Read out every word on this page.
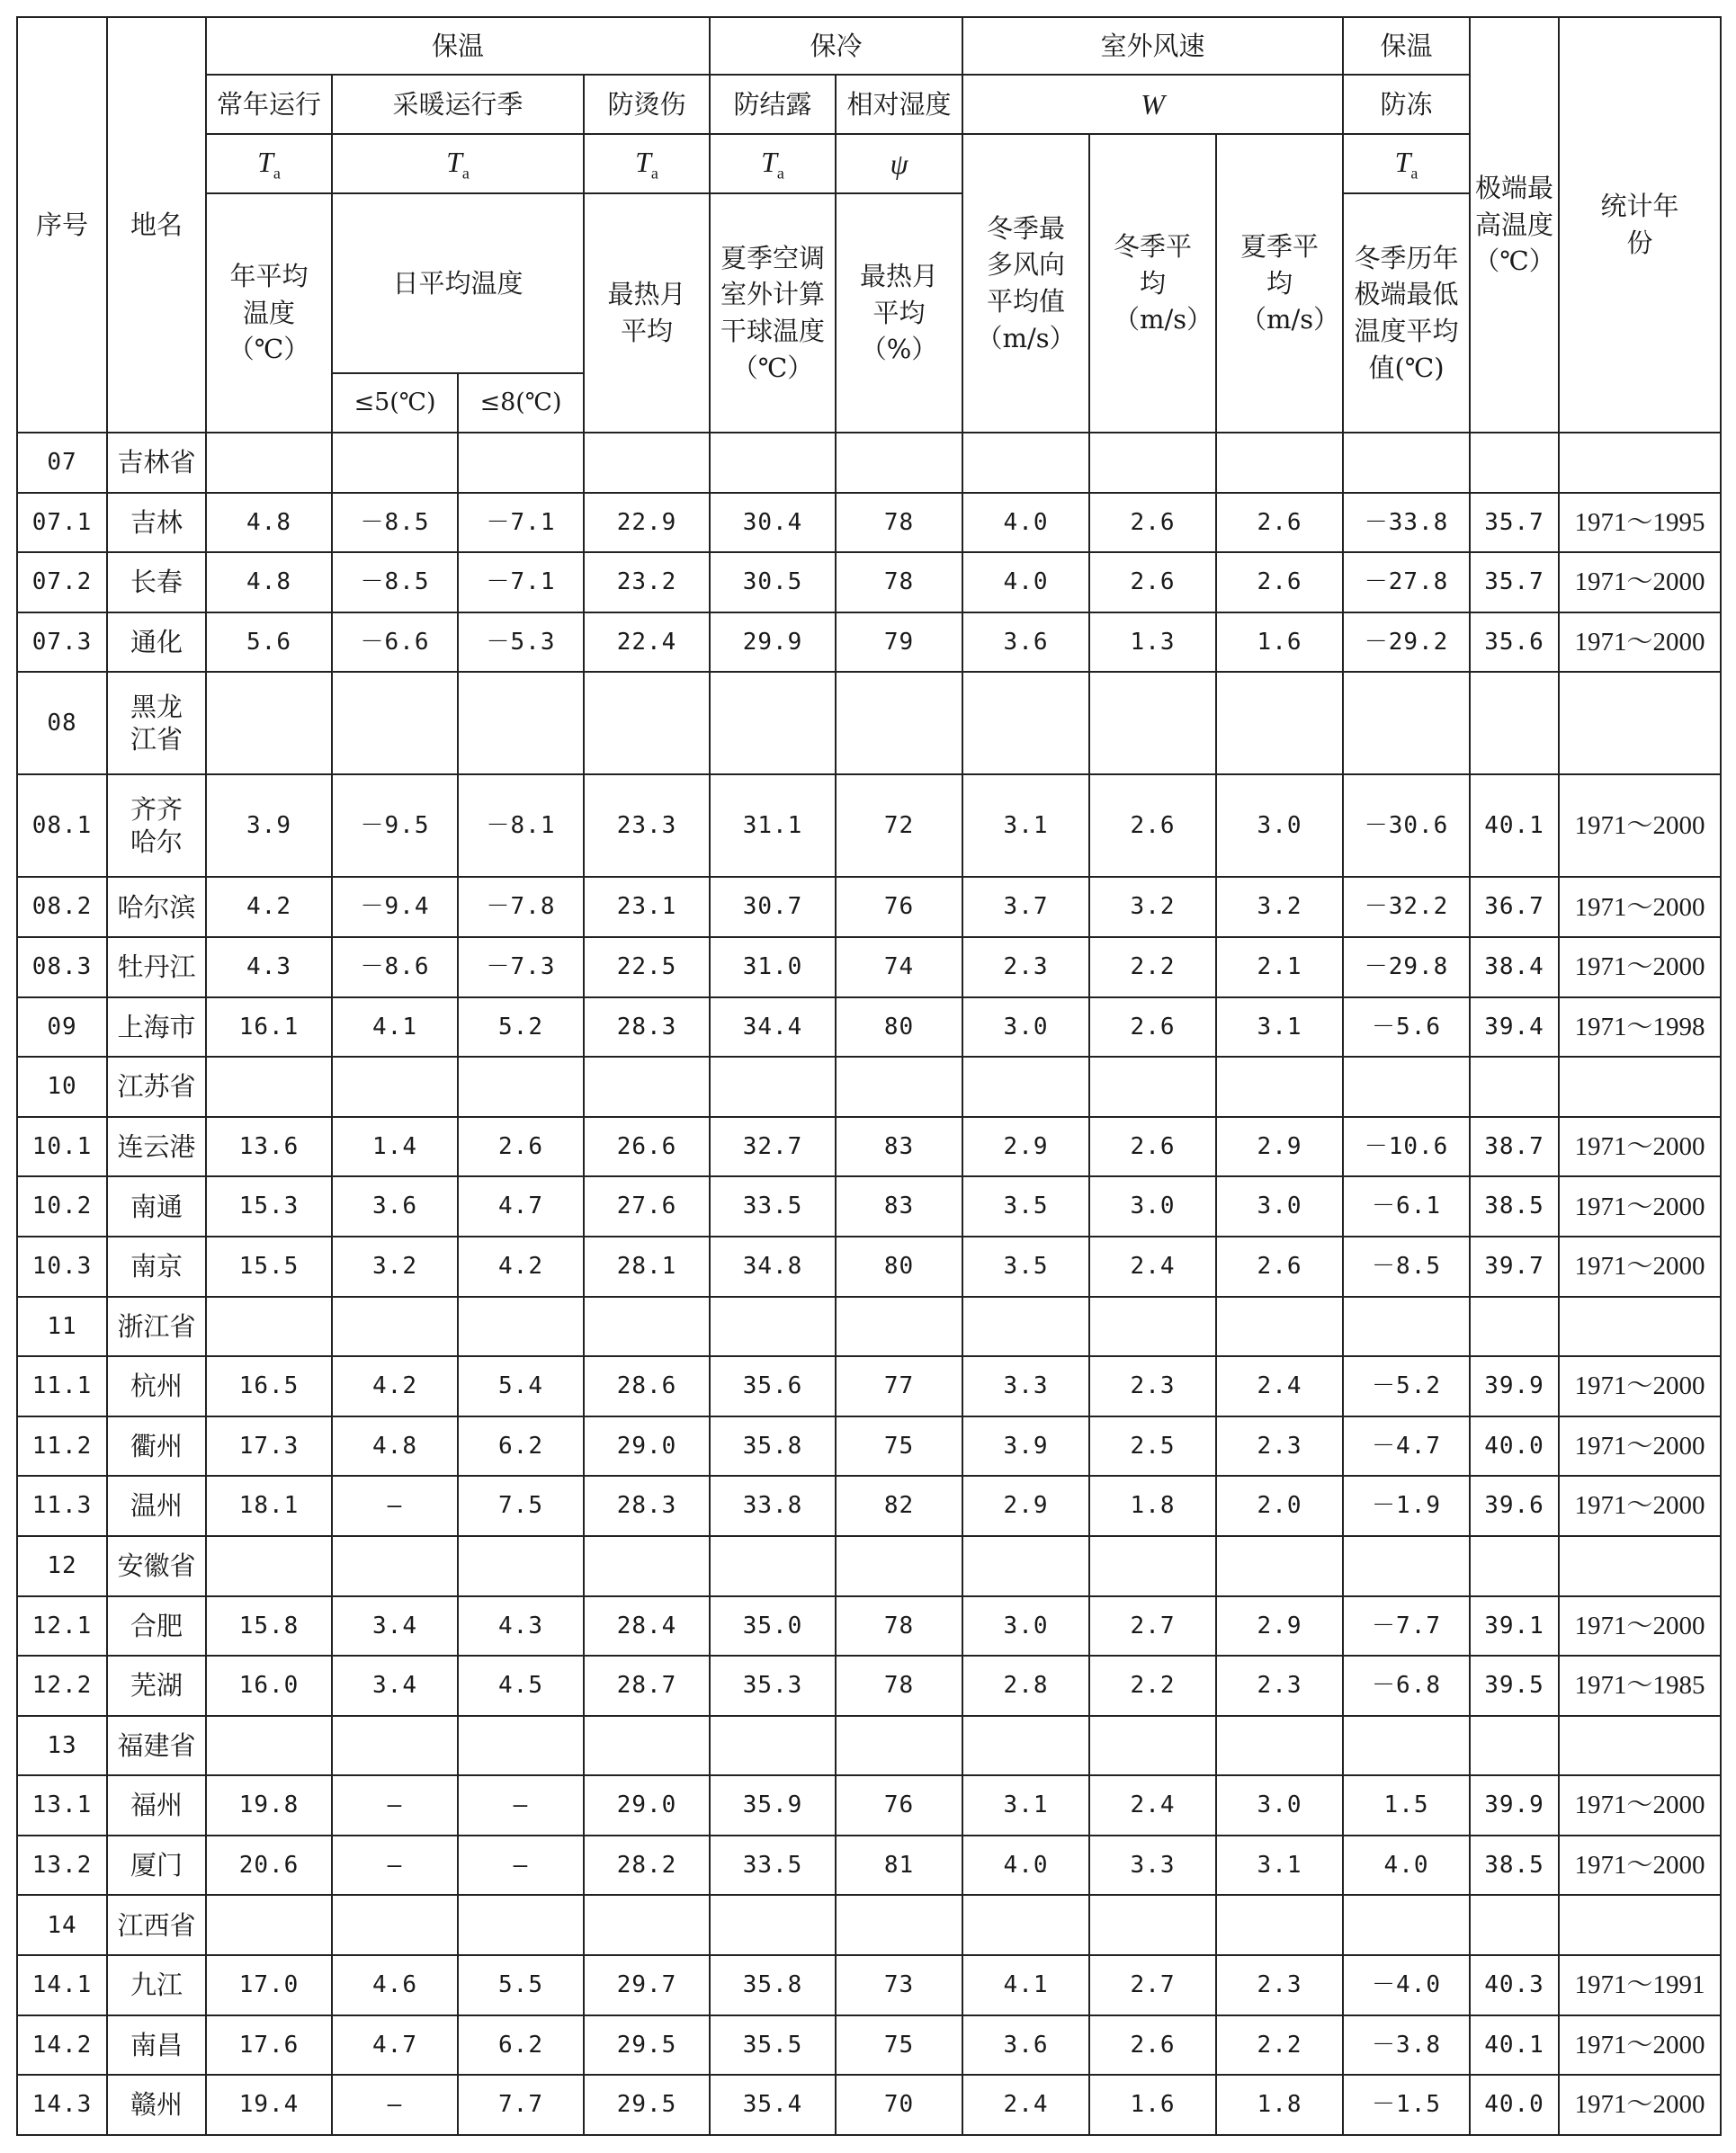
序号	地名	保温				保冷		室外风速			保温	极端最高温度（℃）	统计年份
		常年运行	采暖运行季		防烫伤	防结露	相对湿度	W			防冻		
		$T_a$	$T_a$		$T_a$	$T_a$	ψ	冬季最多风向平均值（m/s）	冬季平均（m/s）	夏季平均（m/s）	$T_a$
		年平均温度（℃）	日平均温度		最热月平均	夏季空调室外计算干球温度（℃）	最热月平均（%）				冬季历年极端最低温度平均值(℃)		
			≤5(℃)	≤8(℃)									

07	吉林省												
07.1	吉林	4.8	－8.5	－7.1	22.9	30.4	78	4.0	2.6	2.6	－33.8	35.7	1971～1995
07.2	长春	4.8	－8.5	－7.1	23.2	30.5	78	4.0	2.6	2.6	－27.8	35.7	1971～2000
07.3	通化	5.6	－6.6	－5.3	22.4	29.9	79	3.6	1.3	1.6	－29.2	35.6	1971～2000
08	黑龙江省												
08.1	齐齐哈尔	3.9	－9.5	－8.1	23.3	31.1	72	3.1	2.6	3.0	－30.6	40.1	1971～2000
08.2	哈尔滨	4.2	－9.4	－7.8	23.1	30.7	76	3.7	3.2	3.2	－32.2	36.7	1971～2000
08.3	牡丹江	4.3	－8.6	－7.3	22.5	31.0	74	2.3	2.2	2.1	－29.8	38.4	1971～2000
09	上海市	16.1	4.1	5.2	28.3	34.4	80	3.0	2.6	3.1	－5.6	39.4	1971～1998
10	江苏省												
10.1	连云港	13.6	1.4	2.6	26.6	32.7	83	2.9	2.6	2.9	－10.6	38.7	1971～2000
10.2	南通	15.3	3.6	4.7	27.6	33.5	83	3.5	3.0	3.0	－6.1	38.5	1971～2000
10.3	南京	15.5	3.2	4.2	28.1	34.8	80	3.5	2.4	2.6	－8.5	39.7	1971～2000
11	浙江省												
11.1	杭州	16.5	4.2	5.4	28.6	35.6	77	3.3	2.3	2.4	－5.2	39.9	1971～2000
11.2	衢州	17.3	4.8	6.2	29.0	35.8	75	3.9	2.5	2.3	－4.7	40.0	1971～2000
11.3	温州	18.1	—	7.5	28.3	33.8	82	2.9	1.8	2.0	－1.9	39.6	1971～2000
12	安徽省												
12.1	合肥	15.8	3.4	4.3	28.4	35.0	78	3.0	2.7	2.9	－7.7	39.1	1971～2000
12.2	芜湖	16.0	3.4	4.5	28.7	35.3	78	2.8	2.2	2.3	－6.8	39.5	1971～1985
13	福建省												
13.1	福州	19.8	—	—	29.0	35.9	76	3.1	2.4	3.0	1.5	39.9	1971～2000
13.2	厦门	20.6	—	—	28.2	33.5	81	4.0	3.3	3.1	4.0	38.5	1971～2000
14	江西省												
14.1	九江	17.0	4.6	5.5	29.7	35.8	73	4.1	2.7	2.3	－4.0	40.3	1971～1991
14.2	南昌	17.6	4.7	6.2	29.5	35.5	75	3.6	2.6	2.2	－3.8	40.1	1971～2000
14.3	赣州	19.4	—	7.7	29.5	35.4	70	2.4	1.6	1.8	－1.5	40.0	1971～2000
